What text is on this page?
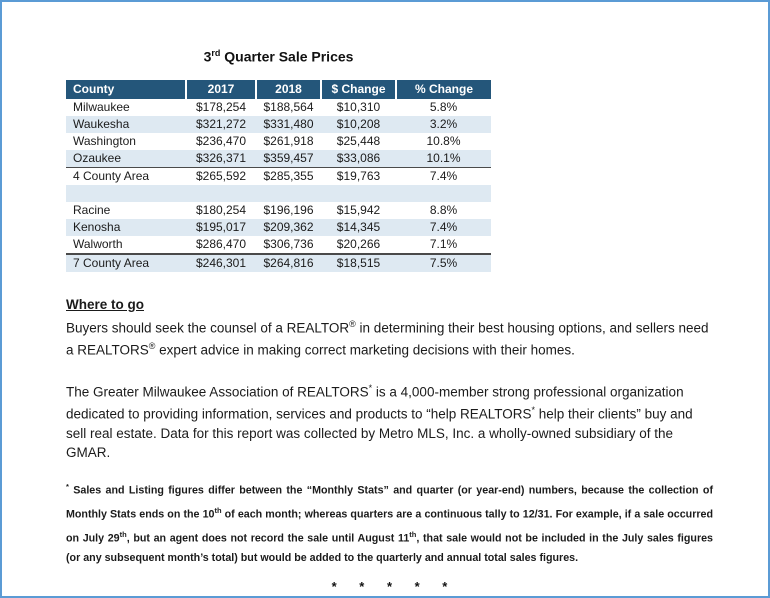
3rd Quarter Sale Prices
County	2017	2018	$ Change	% Change
Milwaukee	$178,254	$188,564	$10,310	5.8%
Waukesha	$321,272	$331,480	$10,208	3.2%
Washington	$236,470	$261,918	$25,448	10.8%
Ozaukee	$326,371	$359,457	$33,086	10.1%
4 County Area	$265,592	$285,355	$19,763	7.4%

Racine	$180,254	$196,196	$15,942	8.8%
Kenosha	$195,017	$209,362	$14,345	7.4%
Walworth	$286,470	$306,736	$20,266	7.1%
7 County Area	$246,301	$264,816	$18,515	7.5%
Where to go

Buyers should seek the counsel of a REALTOR® in determining their best housing options, and sellers need a REALTORS® expert advice in making correct marketing decisions with their homes.

The Greater Milwaukee Association of REALTORS* is a 4,000-member strong professional organization dedicated to providing information, services and products to “help REALTORS* help their clients” buy and sell real estate. Data for this report was collected by Metro MLS, Inc. a wholly-owned subsidiary of the GMAR.

* Sales and Listing figures differ between the “Monthly Stats” and quarter (or year-end) numbers, because the collection of Monthly Stats ends on the 10th of each month; whereas quarters are a continuous tally to 12/31. For example, if a sale occurred on July 29th, but an agent does not record the sale until August 11th, that sale would not be included in the July sales figures (or any subsequent month’s total) but would be added to the quarterly and annual total sales figures.

* * * * *
